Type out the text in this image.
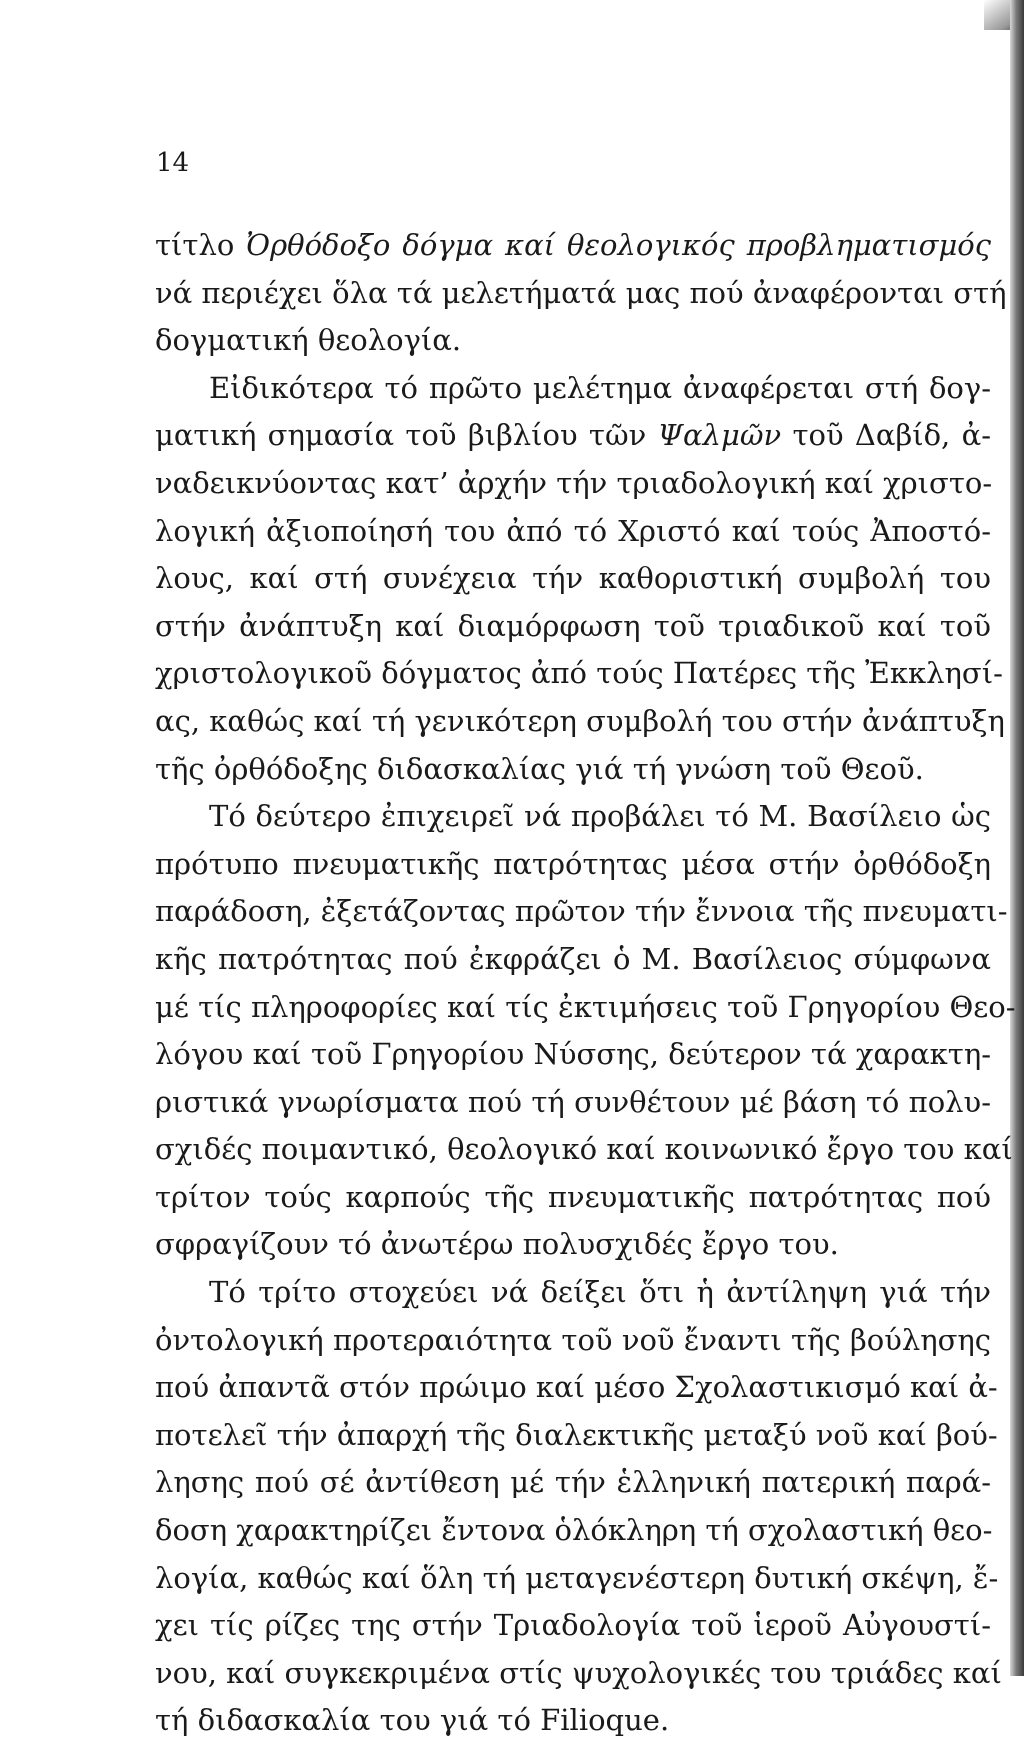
14

τίτλο Ὀρθόδοξο δόγμα καί θεολογικός προβληματισμός
νά περιέχει ὅλα τά μελετήματά μας πού ἀναφέρονται στή
δογματική θεολογία.
Εἰδικότερα τό πρῶτο μελέτημα ἀναφέρεται στή δογ-
ματική σημασία τοῦ βιβλίου τῶν Ψαλμῶν τοῦ Δαβίδ, ἀ-
ναδεικνύοντας κατ’ ἀρχήν τήν τριαδολογική καί χριστο-
λογική ἀξιοποίησή του ἀπό τό Χριστό καί τούς Ἀποστό-
λους, καί στή συνέχεια τήν καθοριστική συμβολή του
στήν ἀνάπτυξη καί διαμόρφωση τοῦ τριαδικοῦ καί τοῦ
χριστολογικοῦ δόγματος ἀπό τούς Πατέρες τῆς Ἐκκλησί-
ας, καθώς καί τή γενικότερη συμβολή του στήν ἀνάπτυξη
τῆς ὀρθόδοξης διδασκαλίας γιά τή γνώση τοῦ Θεοῦ.
Τό δεύτερο ἐπιχειρεῖ νά προβάλει τό Μ. Βασίλειο ὡς
πρότυπο πνευματικῆς πατρότητας μέσα στήν ὀρθόδοξη
παράδοση, ἐξετάζοντας πρῶτον τήν ἔννοια τῆς πνευματι-
κῆς πατρότητας πού ἐκφράζει ὁ Μ. Βασίλειος σύμφωνα
μέ τίς πληροφορίες καί τίς ἐκτιμήσεις τοῦ Γρηγορίου Θεο-
λόγου καί τοῦ Γρηγορίου Νύσσης, δεύτερον τά χαρακτη-
ριστικά γνωρίσματα πού τή συνθέτουν μέ βάση τό πολυ-
σχιδές ποιμαντικό, θεολογικό καί κοινωνικό ἔργο του καί
τρίτον τούς καρπούς τῆς πνευματικῆς πατρότητας πού
σφραγίζουν τό ἀνωτέρω πολυσχιδές ἔργο του.
Τό τρίτο στοχεύει νά δείξει ὅτι ἡ ἀντίληψη γιά τήν
ὀντολογική προτεραιότητα τοῦ νοῦ ἔναντι τῆς βούλησης
πού ἀπαντᾶ στόν πρώιμο καί μέσο Σχολαστικισμό καί ἀ-
ποτελεῖ τήν ἀπαρχή τῆς διαλεκτικῆς μεταξύ νοῦ καί βού-
λησης πού σέ ἀντίθεση μέ τήν ἑλληνική πατερική παρά-
δοση χαρακτηρίζει ἔντονα ὁλόκληρη τή σχολαστική θεο-
λογία, καθώς καί ὅλη τή μεταγενέστερη δυτική σκέψη, ἔ-
χει τίς ρίζες της στήν Τριαδολογία τοῦ ἱεροῦ Αὐγουστί-
νου, καί συγκεκριμένα στίς ψυχολογικές του τριάδες καί
τή διδασκαλία του γιά τό Filioque.
